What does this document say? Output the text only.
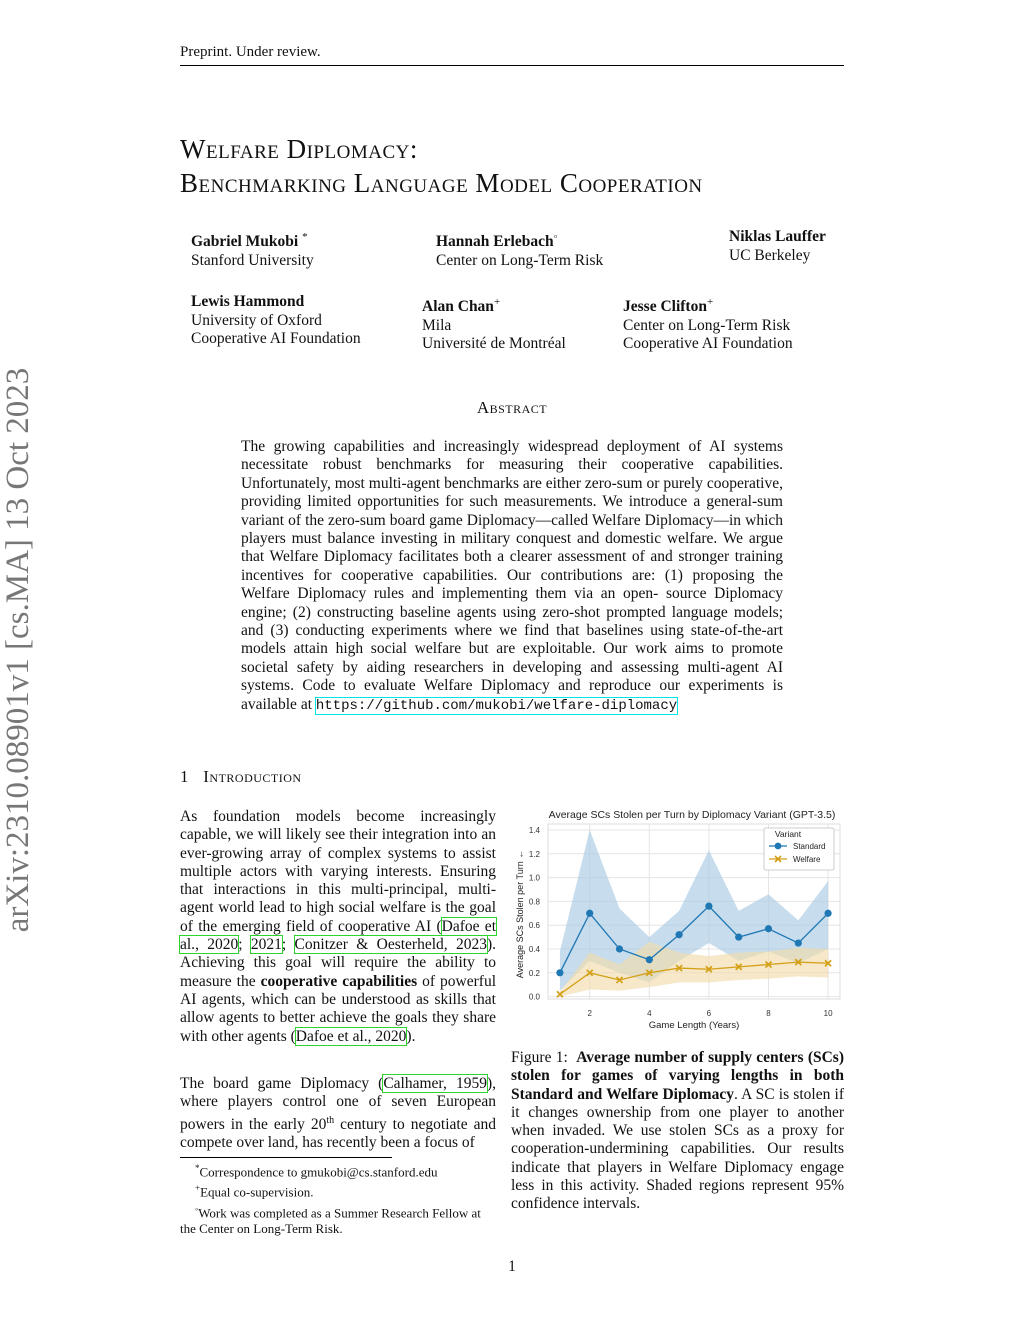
Preprint. Under review.
arXiv:2310.08901v1 [cs.MA] 13 Oct 2023
Welfare Diplomacy:
Benchmarking Language Model Cooperation
Gabriel Mukobi *
Stanford University
Hannah Erlebach◦
Center on Long-Term Risk
Niklas Lauffer
UC Berkeley
Lewis Hammond
University of Oxford
Cooperative AI Foundation
Alan Chan+
Mila
Université de Montréal
Jesse Clifton+
Center on Long-Term Risk
Cooperative AI Foundation
Abstract
The growing capabilities and increasingly widespread deployment of AI systems necessitate robust benchmarks for measuring their cooperative capabilities. Unfortunately, most multi-agent benchmarks are either zero-sum or purely cooperative, providing limited opportunities for such measurements. We introduce a general-sum variant of the zero-sum board game Diplomacy—called Welfare Diplomacy—in which players must balance investing in military conquest and domestic welfare. We argue that Welfare Diplomacy facilitates both a clearer assessment of and stronger training incentives for cooperative capabilities. Our contributions are: (1) proposing the Welfare Diplomacy rules and implementing them via an open- source Diplomacy engine; (2) constructing baseline agents using zero-shot prompted language models; and (3) conducting experiments where we find that baselines using state-of-the-art models attain high social welfare but are exploitable. Our work aims to promote societal safety by aiding researchers in developing and assessing multi-agent AI systems. Code to evaluate Welfare Diplomacy and reproduce our experiments is available at https://github.com/mukobi/welfare-diplomacy
1 Introduction
As foundation models become increasingly capable, we will likely see their integration into an ever-growing array of complex systems to assist multiple actors with varying interests. Ensuring that interactions in this multi-principal, multi-agent world lead to high social welfare is the goal of the emerging field of cooperative AI (Dafoe et al., 2020; 2021; Conitzer & Oesterheld, 2023). Achieving this goal will require the ability to measure the cooperative capabilities of powerful AI agents, which can be understood as skills that allow agents to better achieve the goals they share with other agents (Dafoe et al., 2020).
The board game Diplomacy (Calhamer, 1959), where players control one of seven European powers in the early 20th century to negotiate and compete over land, has recently been a focus of
*Correspondence to gmukobi@cs.stanford.edu
+Equal co-supervision.
◦Work was completed as a Summer Research Fellow at the Center on Long-Term Risk.
Average SCs Stolen per Turn by Diplomacy Variant (GPT-3.5)
0.0
0.2
0.4
0.6
0.8
1.0
1.2
1.4
2	4	6	8	10
Game Length (Years)
Average SCs Stolen per Turn ←
Variant
Standard
Welfare
Figure 1: Average number of supply centers (SCs) stolen for games of varying lengths in both Standard and Welfare Diplomacy. A SC is stolen if it changes ownership from one player to another when invaded. We use stolen SCs as a proxy for cooperation-undermining capabilities. Our results indicate that players in Welfare Diplomacy engage less in this activity. Shaded regions represent 95% confidence intervals.
1
